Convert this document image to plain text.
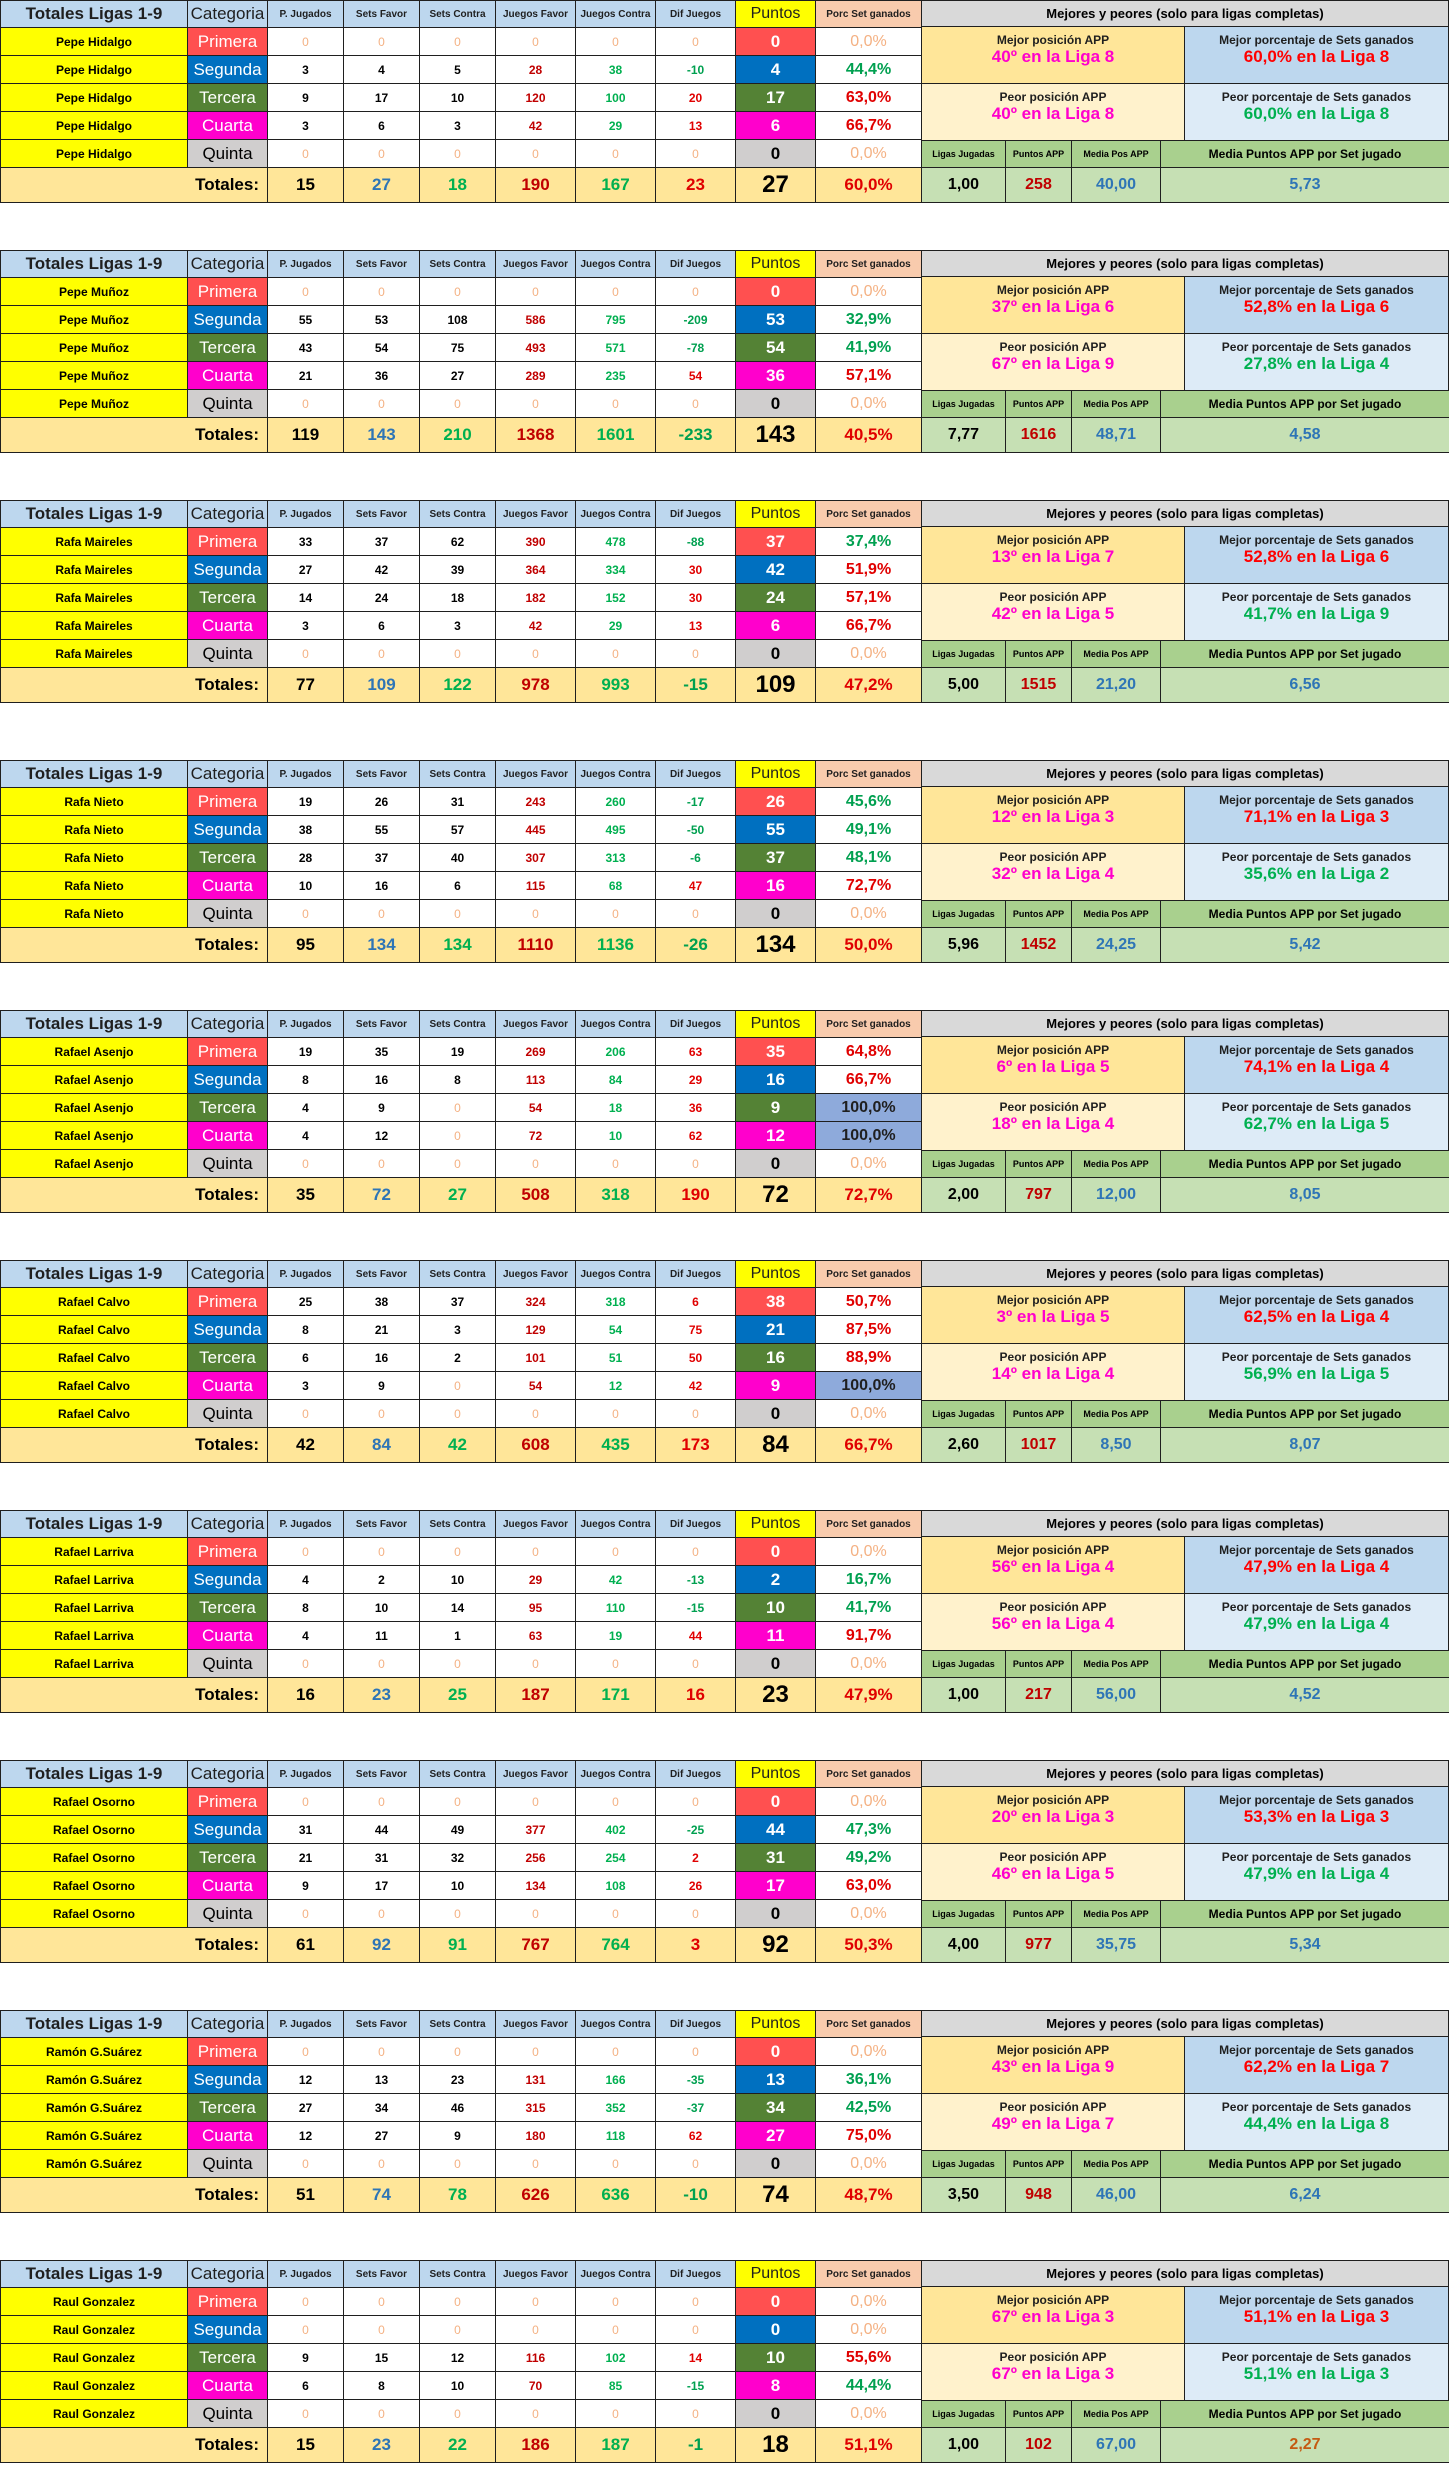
Totales Ligas 1-9	Categoria	P. Jugados	Sets Favor	Sets Contra	Juegos Favor	Juegos Contra	Dif Juegos	Puntos	Porc Set ganados
Pepe Hidalgo	Primera	0	0	0	0	0	0	0	0,0%
Pepe Hidalgo	Segunda	3	4	5	28	38	-10	4	44,4%
Pepe Hidalgo	Tercera	9	17	10	120	100	20	17	63,0%
Pepe Hidalgo	Cuarta	3	6	3	42	29	13	6	66,7%
Pepe Hidalgo	Quinta	0	0	0	0	0	0	0	0,0%
Totales:		15	27	18	190	167	23	27	60,0%
Mejores y peores (solo para ligas completas)
Mejor posición APP
40º en la Liga 8
Mejor porcentaje de Sets ganados
60,0% en la Liga 8
Peor posición APP
40º en la Liga 8
Peor porcentaje de Sets ganados
60,0% en la Liga 8
Ligas Jugadas	Puntos APP	Media Pos APP	Media Puntos APP por Set jugado
1,00	258	40,00	5,73
Totales Ligas 1-9	Categoria	P. Jugados	Sets Favor	Sets Contra	Juegos Favor	Juegos Contra	Dif Juegos	Puntos	Porc Set ganados
Pepe Muñoz	Primera	0	0	0	0	0	0	0	0,0%
Pepe Muñoz	Segunda	55	53	108	586	795	-209	53	32,9%
Pepe Muñoz	Tercera	43	54	75	493	571	-78	54	41,9%
Pepe Muñoz	Cuarta	21	36	27	289	235	54	36	57,1%
Pepe Muñoz	Quinta	0	0	0	0	0	0	0	0,0%
Totales:		119	143	210	1368	1601	-233	143	40,5%
Mejores y peores (solo para ligas completas)
Mejor posición APP
37º en la Liga 6
Mejor porcentaje de Sets ganados
52,8% en la Liga 6
Peor posición APP
67º en la Liga 9
Peor porcentaje de Sets ganados
27,8% en la Liga 4
Ligas Jugadas	Puntos APP	Media Pos APP	Media Puntos APP por Set jugado
7,77	1616	48,71	4,58
Totales Ligas 1-9	Categoria	P. Jugados	Sets Favor	Sets Contra	Juegos Favor	Juegos Contra	Dif Juegos	Puntos	Porc Set ganados
Rafa Maireles	Primera	33	37	62	390	478	-88	37	37,4%
Rafa Maireles	Segunda	27	42	39	364	334	30	42	51,9%
Rafa Maireles	Tercera	14	24	18	182	152	30	24	57,1%
Rafa Maireles	Cuarta	3	6	3	42	29	13	6	66,7%
Rafa Maireles	Quinta	0	0	0	0	0	0	0	0,0%
Totales:		77	109	122	978	993	-15	109	47,2%
Mejores y peores (solo para ligas completas)
Mejor posición APP
13º en la Liga 7
Mejor porcentaje de Sets ganados
52,8% en la Liga 6
Peor posición APP
42º en la Liga 5
Peor porcentaje de Sets ganados
41,7% en la Liga 9
Ligas Jugadas	Puntos APP	Media Pos APP	Media Puntos APP por Set jugado
5,00	1515	21,20	6,56
Totales Ligas 1-9	Categoria	P. Jugados	Sets Favor	Sets Contra	Juegos Favor	Juegos Contra	Dif Juegos	Puntos	Porc Set ganados
Rafa Nieto	Primera	19	26	31	243	260	-17	26	45,6%
Rafa Nieto	Segunda	38	55	57	445	495	-50	55	49,1%
Rafa Nieto	Tercera	28	37	40	307	313	-6	37	48,1%
Rafa Nieto	Cuarta	10	16	6	115	68	47	16	72,7%
Rafa Nieto	Quinta	0	0	0	0	0	0	0	0,0%
Totales:		95	134	134	1110	1136	-26	134	50,0%
Mejores y peores (solo para ligas completas)
Mejor posición APP
12º en la Liga 3
Mejor porcentaje de Sets ganados
71,1% en la Liga 3
Peor posición APP
32º en la Liga 4
Peor porcentaje de Sets ganados
35,6% en la Liga 2
Ligas Jugadas	Puntos APP	Media Pos APP	Media Puntos APP por Set jugado
5,96	1452	24,25	5,42
Totales Ligas 1-9	Categoria	P. Jugados	Sets Favor	Sets Contra	Juegos Favor	Juegos Contra	Dif Juegos	Puntos	Porc Set ganados
Rafael Asenjo	Primera	19	35	19	269	206	63	35	64,8%
Rafael Asenjo	Segunda	8	16	8	113	84	29	16	66,7%
Rafael Asenjo	Tercera	4	9	0	54	18	36	9	100,0%
Rafael Asenjo	Cuarta	4	12	0	72	10	62	12	100,0%
Rafael Asenjo	Quinta	0	0	0	0	0	0	0	0,0%
Totales:		35	72	27	508	318	190	72	72,7%
Mejores y peores (solo para ligas completas)
Mejor posición APP
6º en la Liga 5
Mejor porcentaje de Sets ganados
74,1% en la Liga 4
Peor posición APP
18º en la Liga 4
Peor porcentaje de Sets ganados
62,7% en la Liga 5
Ligas Jugadas	Puntos APP	Media Pos APP	Media Puntos APP por Set jugado
2,00	797	12,00	8,05
Totales Ligas 1-9	Categoria	P. Jugados	Sets Favor	Sets Contra	Juegos Favor	Juegos Contra	Dif Juegos	Puntos	Porc Set ganados
Rafael Calvo	Primera	25	38	37	324	318	6	38	50,7%
Rafael Calvo	Segunda	8	21	3	129	54	75	21	87,5%
Rafael Calvo	Tercera	6	16	2	101	51	50	16	88,9%
Rafael Calvo	Cuarta	3	9	0	54	12	42	9	100,0%
Rafael Calvo	Quinta	0	0	0	0	0	0	0	0,0%
Totales:		42	84	42	608	435	173	84	66,7%
Mejores y peores (solo para ligas completas)
Mejor posición APP
3º en la Liga 5
Mejor porcentaje de Sets ganados
62,5% en la Liga 4
Peor posición APP
14º en la Liga 4
Peor porcentaje de Sets ganados
56,9% en la Liga 5
Ligas Jugadas	Puntos APP	Media Pos APP	Media Puntos APP por Set jugado
2,60	1017	8,50	8,07
Totales Ligas 1-9	Categoria	P. Jugados	Sets Favor	Sets Contra	Juegos Favor	Juegos Contra	Dif Juegos	Puntos	Porc Set ganados
Rafael Larriva	Primera	0	0	0	0	0	0	0	0,0%
Rafael Larriva	Segunda	4	2	10	29	42	-13	2	16,7%
Rafael Larriva	Tercera	8	10	14	95	110	-15	10	41,7%
Rafael Larriva	Cuarta	4	11	1	63	19	44	11	91,7%
Rafael Larriva	Quinta	0	0	0	0	0	0	0	0,0%
Totales:		16	23	25	187	171	16	23	47,9%
Mejores y peores (solo para ligas completas)
Mejor posición APP
56º en la Liga 4
Mejor porcentaje de Sets ganados
47,9% en la Liga 4
Peor posición APP
56º en la Liga 4
Peor porcentaje de Sets ganados
47,9% en la Liga 4
Ligas Jugadas	Puntos APP	Media Pos APP	Media Puntos APP por Set jugado
1,00	217	56,00	4,52
Totales Ligas 1-9	Categoria	P. Jugados	Sets Favor	Sets Contra	Juegos Favor	Juegos Contra	Dif Juegos	Puntos	Porc Set ganados
Rafael Osorno	Primera	0	0	0	0	0	0	0	0,0%
Rafael Osorno	Segunda	31	44	49	377	402	-25	44	47,3%
Rafael Osorno	Tercera	21	31	32	256	254	2	31	49,2%
Rafael Osorno	Cuarta	9	17	10	134	108	26	17	63,0%
Rafael Osorno	Quinta	0	0	0	0	0	0	0	0,0%
Totales:		61	92	91	767	764	3	92	50,3%
Mejores y peores (solo para ligas completas)
Mejor posición APP
20º en la Liga 3
Mejor porcentaje de Sets ganados
53,3% en la Liga 3
Peor posición APP
46º en la Liga 5
Peor porcentaje de Sets ganados
47,9% en la Liga 4
Ligas Jugadas	Puntos APP	Media Pos APP	Media Puntos APP por Set jugado
4,00	977	35,75	5,34
Totales Ligas 1-9	Categoria	P. Jugados	Sets Favor	Sets Contra	Juegos Favor	Juegos Contra	Dif Juegos	Puntos	Porc Set ganados
Ramón G.Suárez	Primera	0	0	0	0	0	0	0	0,0%
Ramón G.Suárez	Segunda	12	13	23	131	166	-35	13	36,1%
Ramón G.Suárez	Tercera	27	34	46	315	352	-37	34	42,5%
Ramón G.Suárez	Cuarta	12	27	9	180	118	62	27	75,0%
Ramón G.Suárez	Quinta	0	0	0	0	0	0	0	0,0%
Totales:		51	74	78	626	636	-10	74	48,7%
Mejores y peores (solo para ligas completas)
Mejor posición APP
43º en la Liga 9
Mejor porcentaje de Sets ganados
62,2% en la Liga 7
Peor posición APP
49º en la Liga 7
Peor porcentaje de Sets ganados
44,4% en la Liga 8
Ligas Jugadas	Puntos APP	Media Pos APP	Media Puntos APP por Set jugado
3,50	948	46,00	6,24
Totales Ligas 1-9	Categoria	P. Jugados	Sets Favor	Sets Contra	Juegos Favor	Juegos Contra	Dif Juegos	Puntos	Porc Set ganados
Raul Gonzalez	Primera	0	0	0	0	0	0	0	0,0%
Raul Gonzalez	Segunda	0	0	0	0	0	0	0	0,0%
Raul Gonzalez	Tercera	9	15	12	116	102	14	10	55,6%
Raul Gonzalez	Cuarta	6	8	10	70	85	-15	8	44,4%
Raul Gonzalez	Quinta	0	0	0	0	0	0	0	0,0%
Totales:		15	23	22	186	187	-1	18	51,1%
Mejores y peores (solo para ligas completas)
Mejor posición APP
67º en la Liga 3
Mejor porcentaje de Sets ganados
51,1% en la Liga 3
Peor posición APP
67º en la Liga 3
Peor porcentaje de Sets ganados
51,1% en la Liga 3
Ligas Jugadas	Puntos APP	Media Pos APP	Media Puntos APP por Set jugado
1,00	102	67,00	2,27
